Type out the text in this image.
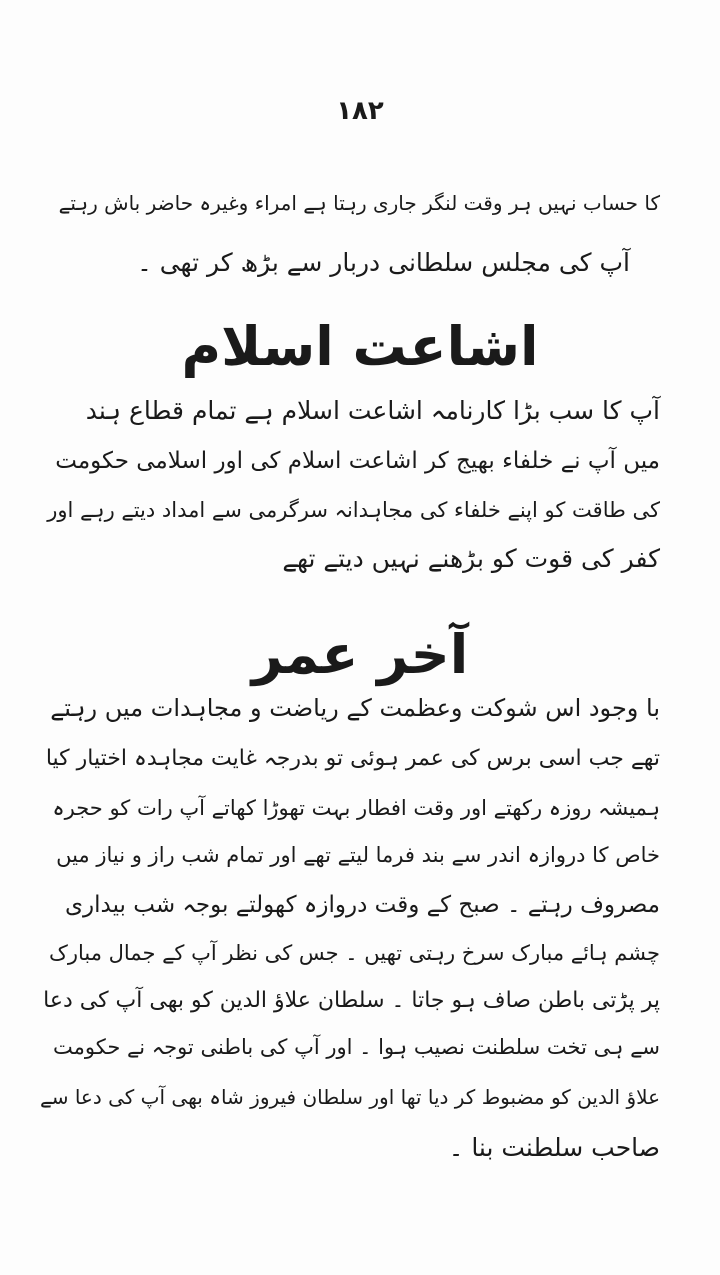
١٨٢
کا حساب نہیں ہر وقت لنگر جاری رہتا ہے امراء وغیرہ حاضر باش رہتے
آپ کی مجلس سلطانی دربار سے بڑھ کر تھی ۔
اشاعت اسلام
آپ کا سب بڑا کارنامہ اشاعت اسلام ہے تمام قطاع ہند
میں آپ نے خلفاء بھیج کر اشاعت اسلام کی اور اسلامی حکومت
کی طاقت کو اپنے خلفاء کی مجاہدانہ سرگرمی سے امداد دیتے رہے اور
کفر کی قوت کو بڑھنے نہیں دیتے تھے
آخر عمر
با وجود اس شوکت وعظمت کے ریاضت و مجاہدات میں رہتے
تھے جب اسی برس کی عمر ہوئی تو بدرجہ غایت مجاہدہ اختیار کیا
ہمیشہ روزہ رکھتے اور وقت افطار بہت تھوڑا کھاتے آپ رات کو حجرہ
خاص کا دروازہ اندر سے بند فرما لیتے تھے اور تمام شب راز و نیاز میں
مصروف رہتے ۔ صبح کے وقت دروازہ کھولتے بوجہ شب بیداری
چشم ہائے مبارک سرخ رہتی تھیں ۔ جس کی نظر آپ کے جمال مبارک
پر پڑتی باطن صاف ہو جاتا ۔ سلطان علاؤ الدین کو بھی آپ کی دعا
سے ہی تخت سلطنت نصیب ہوا ۔ اور آپ کی باطنی توجہ نے حکومت
علاؤ الدین کو مضبوط کر دیا تھا اور سلطان فیروز شاہ بھی آپ کی دعا سے
صاحب سلطنت بنا ۔
